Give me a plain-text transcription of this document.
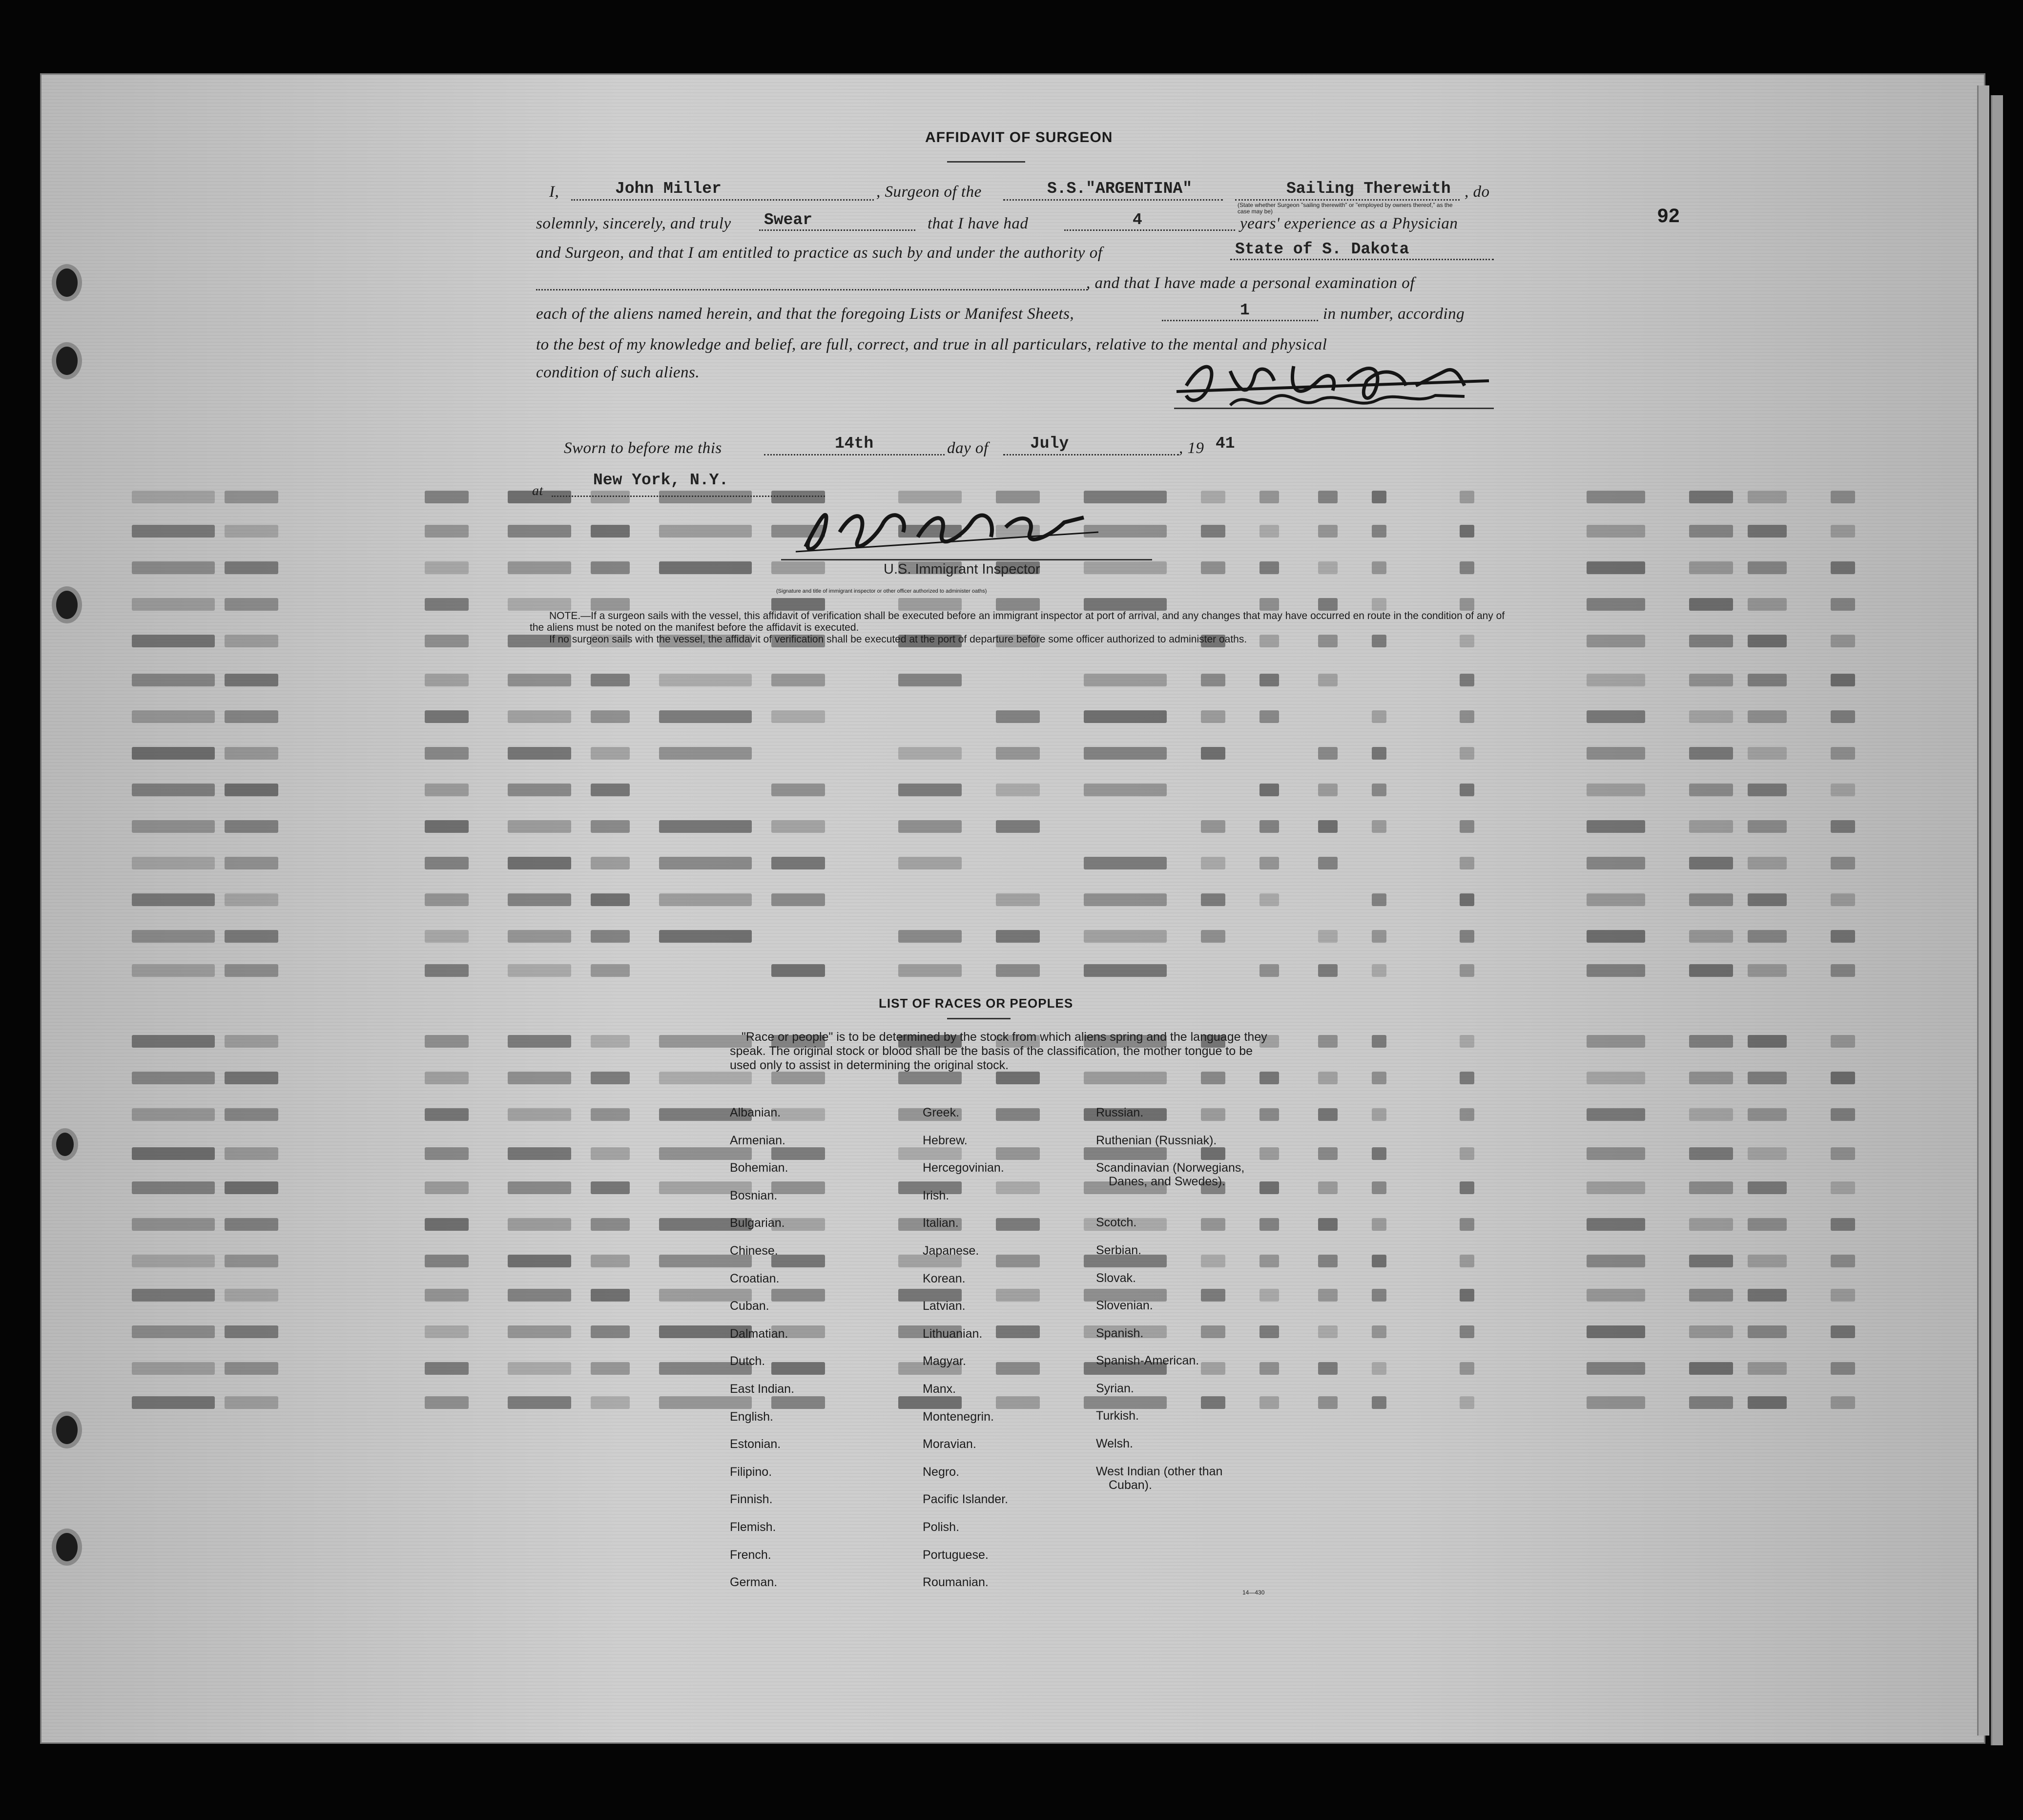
92
AFFIDAVIT OF SURGEON
I,	John Miller	, Surgeon of the	S.S."ARGENTINA"	Sailing Therewith , do
(State whether Surgeon "sailing therewith" or "employed by owners thereof," as the case may be)
solemnly, sincerely, and truly Swear	that I have had	4	years' experience as a Physician
and Surgeon, and that I am entitled to practice as such by and under the authority of	State of S. Dakota
, and that I have made a personal examination of
each of the aliens named herein, and that the foregoing Lists or Manifest Sheets,	1	in number, according
to the best of my knowledge and belief, are full, correct, and true in all particulars, relative to the mental and physical
condition of such aliens.
Sworn to before me this	14th	day of	July	, 19 41
at
New York, N.Y.
U.S. Immigrant Inspector
(Signature and title of immigrant inspector or other officer authorized to administer oaths)
NOTE.—If a surgeon sails with the vessel, this affidavit of verification shall be executed before an immigrant inspector at port of arrival, and any changes that may have occurred en route in the condition of any of the aliens must be noted on the manifest before the affidavit is executed.
If no surgeon sails with the vessel, the affidavit of verification shall be executed at the port of departure before some officer authorized to administer oaths.
LIST OF RACES OR PEOPLES
"Race or people" is to be determined by the stock from which aliens spring and the language they speak. The original stock or blood shall be the basis of the classification, the mother tongue to be used only to assist in determining the original stock.
Albanian.
Armenian.
Bohemian.
Bosnian.
Bulgarian.
Chinese.
Croatian.
Cuban.
Dalmatian.
Dutch.
East Indian.
English.
Estonian.
Filipino.
Finnish.
Flemish.
French.
German.
Greek.
Hebrew.
Hercegovinian.
Irish.
Italian.
Japanese.
Korean.
Latvian.
Lithuanian.
Magyar.
Manx.
Montenegrin.
Moravian.
Negro.
Pacific Islander.
Polish.
Portuguese.
Roumanian.
Russian.
Ruthenian (Russniak).
Scandinavian (Norwegians,
Danes, and Swedes).
Scotch.
Serbian.
Slovak.
Slovenian.
Spanish.
Spanish-American.
Syrian.
Turkish.
Welsh.
West Indian (other than
Cuban).
14—430
